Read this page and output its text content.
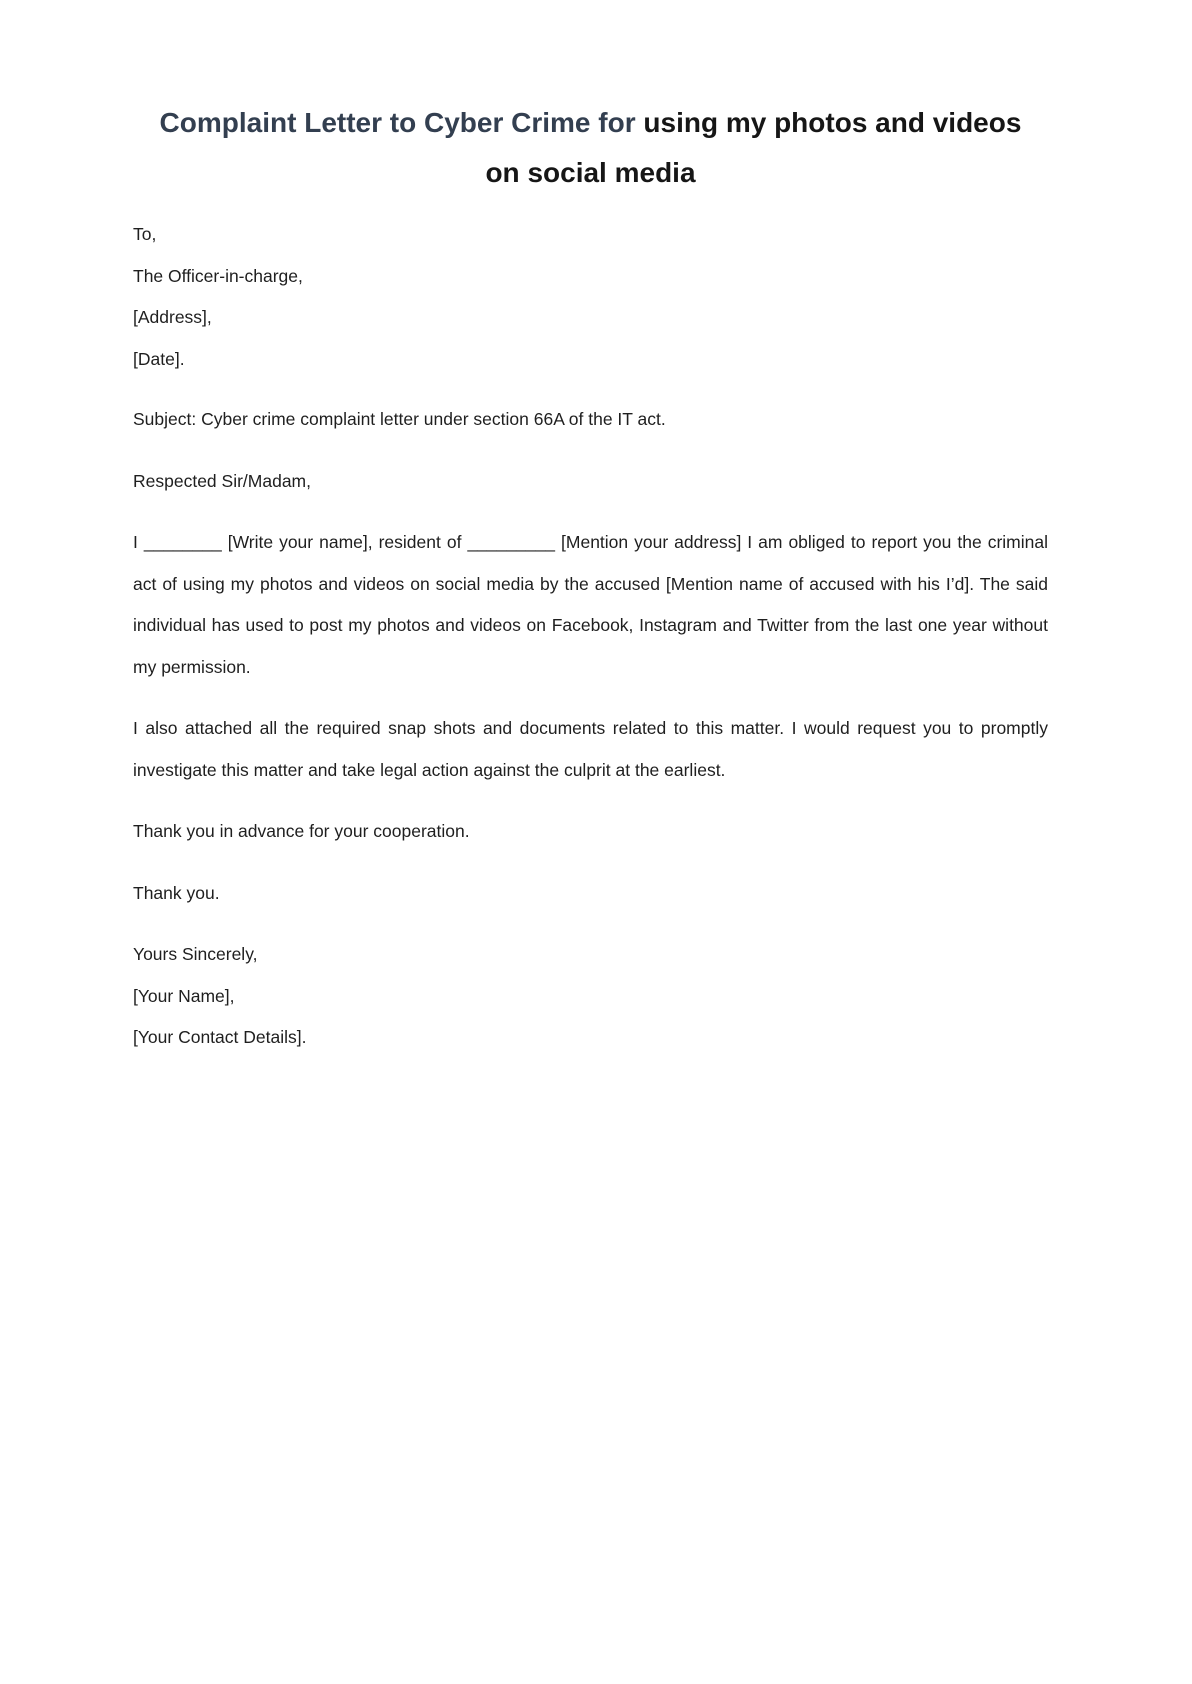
Complaint Letter to Cyber Crime for using my photos and videos on social media

To,

The Officer-in-charge,

[Address],

[Date].

Subject: Cyber crime complaint letter under section 66A of the IT act.

Respected Sir/Madam,

I ________ [Write your name], resident of _________ [Mention your address] I am obliged to report you the criminal act of using my photos and videos on social media by the accused [Mention name of accused with his I’d]. The said individual has used to post my photos and videos on Facebook, Instagram and Twitter from the last one year without my permission.

I also attached all the required snap shots and documents related to this matter. I would request you to promptly investigate this matter and take legal action against the culprit at the earliest.

Thank you in advance for your cooperation.

Thank you.

Yours Sincerely,

[Your Name],

[Your Contact Details].
